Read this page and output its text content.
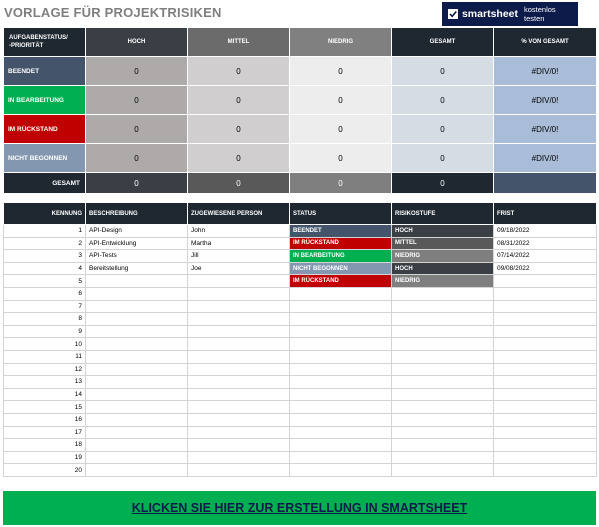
VORLAGE FÜR PROJEKTRISIKEN	smartsheet kostenlos testen
AUFGABENSTATUS/
-PRIORITÄT	HOCH	MITTEL	NIEDRIG	GESAMT	% VON GESAMT
BEENDET	0	0	0	0	#DIV/0!
IN BEARBEITUNG	0	0	0	0	#DIV/0!
IM RÜCKSTAND	0	0	0	0	#DIV/0!
NICHT BEGONNEN	0	0	0	0	#DIV/0!
GESAMT	0	0	0	0	
KENNUNG	BESCHREIBUNG	ZUGEWIESENE PERSON	STATUS	RISIKOSTUFE	FRIST
1	API-Design	John	BEENDET	HOCH	09/18/2022
2	API-Entwicklung	Martha	IM RÜCKSTAND	MITTEL	08/31/2022
3	API-Tests	Jill	IN BEARBEITUNG	NIEDRIG	07/14/2022
4	Bereitstellung	Joe	NICHT BEGONNEN	HOCH	09/08/2022
5			IM RÜCKSTAND	NIEDRIG	
6					
7					
8					
9					
10					
11					
12					
13					
14					
15					
16					
17					
18					
19					
20					
KLICKEN SIE HIER ZUR ERSTELLUNG IN SMARTSHEET
